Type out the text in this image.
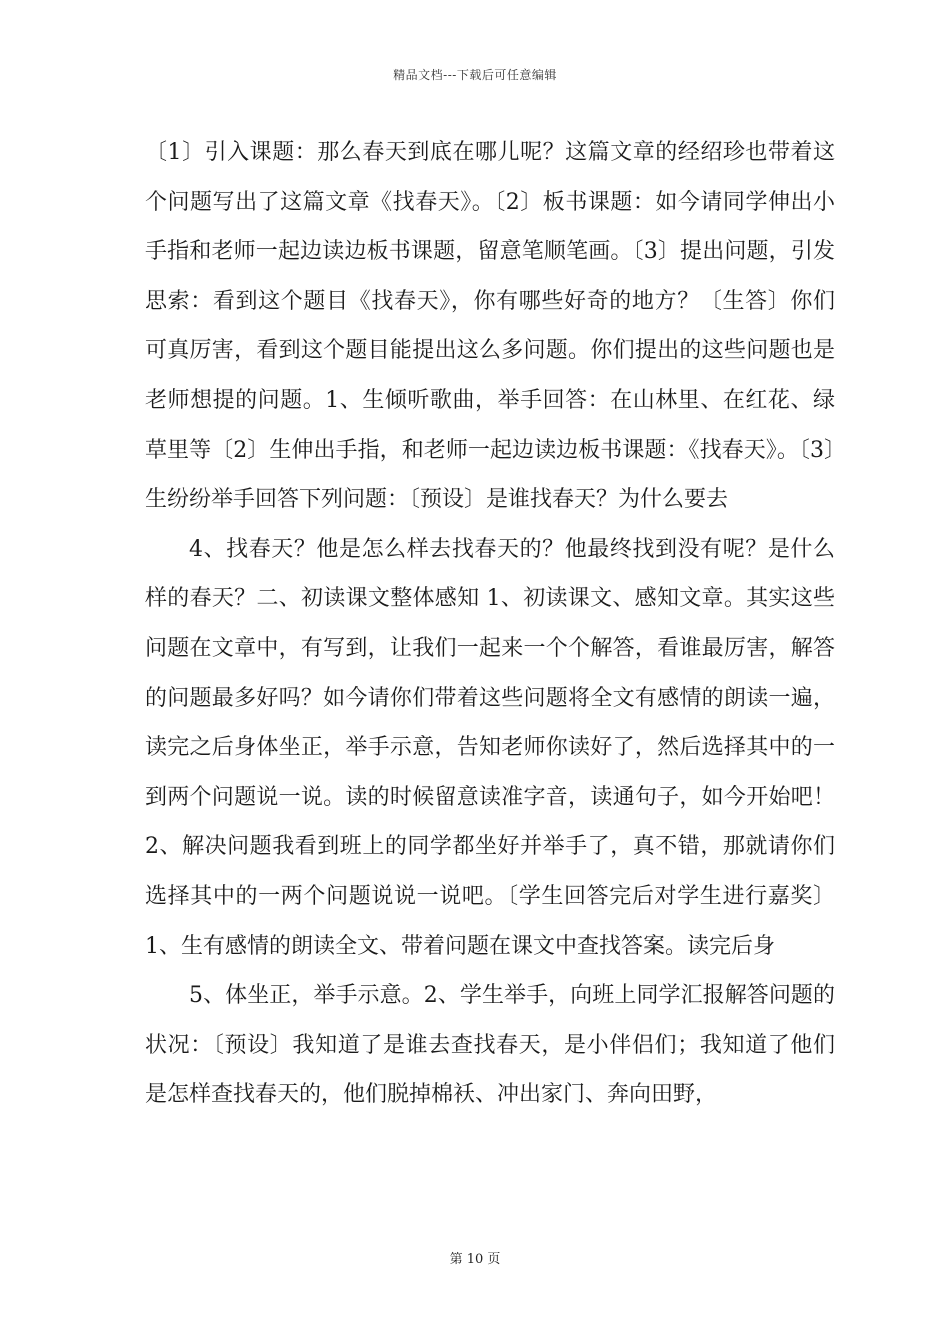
精品文档---下载后可任意编辑

〔1〕引入课题：那么春天到底在哪儿呢？这篇文章的经绍珍也带着这个问题写出了这篇文章《找春天》。〔2〕板书课题：如今请同学伸出小手指和老师一起边读边板书课题，留意笔顺笔画。〔3〕提出问题，引发思索：看到这个题目《找春天》，你有哪些好奇的地方？〔生答〕你们可真厉害，看到这个题目能提出这么多问题。你们提出的这些问题也是老师想提的问题。1、生倾听歌曲，举手回答：在山林里、在红花、绿草里等〔2〕生伸出手指，和老师一起边读边板书课题：《找春天》。〔3〕生纷纷举手回答下列问题：〔预设〕是谁找春天？为什么要去

4、找春天？他是怎么样去找春天的？他最终找到没有呢？是什么样的春天？二、初读课文整体感知 1、初读课文、感知文章。其实这些问题在文章中，有写到，让我们一起来一个个解答，看谁最厉害，解答的问题最多好吗？如今请你们带着这些问题将全文有感情的朗读一遍，读完之后身体坐正，举手示意，告知老师你读好了，然后选择其中的一到两个问题说一说。读的时候留意读准字音，读通句子，如今开始吧！2、解决问题我看到班上的同学都坐好并举手了，真不错，那就请你们选择其中的一两个问题说说一说吧。〔学生回答完后对学生进行嘉奖〕1、生有感情的朗读全文、带着问题在课文中查找答案。读完后身

5、体坐正，举手示意。2、学生举手，向班上同学汇报解答问题的状况：〔预设〕我知道了是谁去查找春天，是小伴侣们；我知道了他们是怎样查找春天的，他们脱掉棉袄、冲出家门、奔向田野，

第 10 页
